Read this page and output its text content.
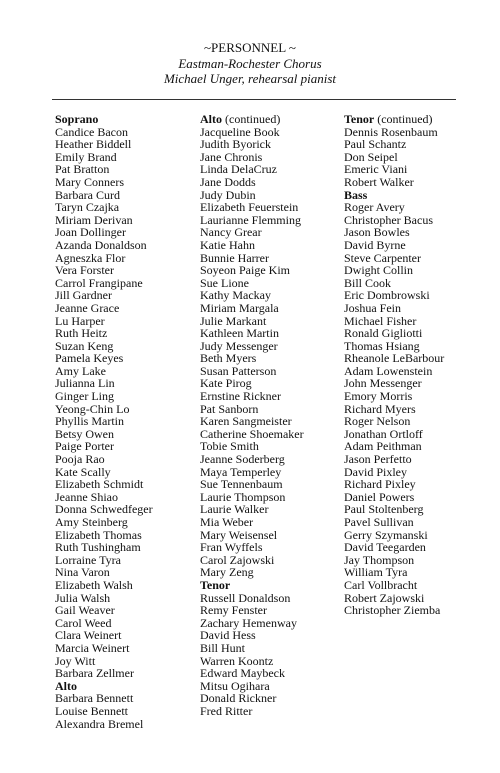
~PERSONNEL ~
Eastman-Rochester Chorus
Michael Unger, rehearsal pianist
Soprano
Candice Bacon
Heather Biddell
Emily Brand
Pat Bratton
Mary Conners
Barbara Curd
Taryn Czajka
Miriam Derivan
Joan Dollinger
Azanda Donaldson
Agneszka Flor
Vera Forster
Carrol Frangipane
Jill Gardner
Jeanne Grace
Lu Harper
Ruth Heitz
Suzan Keng
Pamela Keyes
Amy Lake
Julianna Lin
Ginger Ling
Yeong-Chin Lo
Phyllis Martin
Betsy Owen
Paige Porter
Pooja Rao
Kate Scally
Elizabeth Schmidt
Jeanne Shiao
Donna Schwedfeger
Amy Steinberg
Elizabeth Thomas
Ruth Tushingham
Lorraine Tyra
Nina Varon
Elizabeth Walsh
Julia Walsh
Gail Weaver
Carol Weed
Clara Weinert
Marcia Weinert
Joy Witt
Barbara Zellmer
Alto
Barbara Bennett
Louise Bennett
Alexandra Bremel
Alto (continued)
Jacqueline Book
Judith Byorick
Jane Chronis
Linda DelaCruz
Jane Dodds
Judy Dubin
Elizabeth Feuerstein
Laurianne Flemming
Nancy Grear
Katie Hahn
Bunnie Harrer
Soyeon Paige Kim
Sue Lione
Kathy Mackay
Miriam Margala
Julie Markant
Kathleen Martin
Judy Messenger
Beth Myers
Susan Patterson
Kate Pirog
Ernstine Rickner
Pat Sanborn
Karen Sangmeister
Catherine Shoemaker
Tobie Smith
Jeanne Soderberg
Maya Temperley
Sue Tennenbaum
Laurie Thompson
Laurie Walker
Mia Weber
Mary Weisensel
Fran Wyffels
Carol Zajowski
Mary Zeng
Tenor
Russell Donaldson
Remy Fenster
Zachary Hemenway
David Hess
Bill Hunt
Warren Koontz
Edward Maybeck
Mitsu Ogihara
Donald Rickner
Fred Ritter
Tenor (continued)
Dennis Rosenbaum
Paul Schantz
Don Seipel
Emeric Viani
Robert Walker
Bass
Roger Avery
Christopher Bacus
Jason Bowles
David Byrne
Steve Carpenter
Dwight Collin
Bill Cook
Eric Dombrowski
Joshua Fein
Michael Fisher
Ronald Gigliotti
Thomas Hsiang
Rheanole LeBarbour
Adam Lowenstein
John Messenger
Emory Morris
Richard Myers
Roger Nelson
Jonathan Ortloff
Adam Peithman
Jason Perfetto
David Pixley
Richard Pixley
Daniel Powers
Paul Stoltenberg
Pavel Sullivan
Gerry Szymanski
David Teegarden
Jay Thompson
William Tyra
Carl Vollbracht
Robert Zajowski
Christopher Ziemba
